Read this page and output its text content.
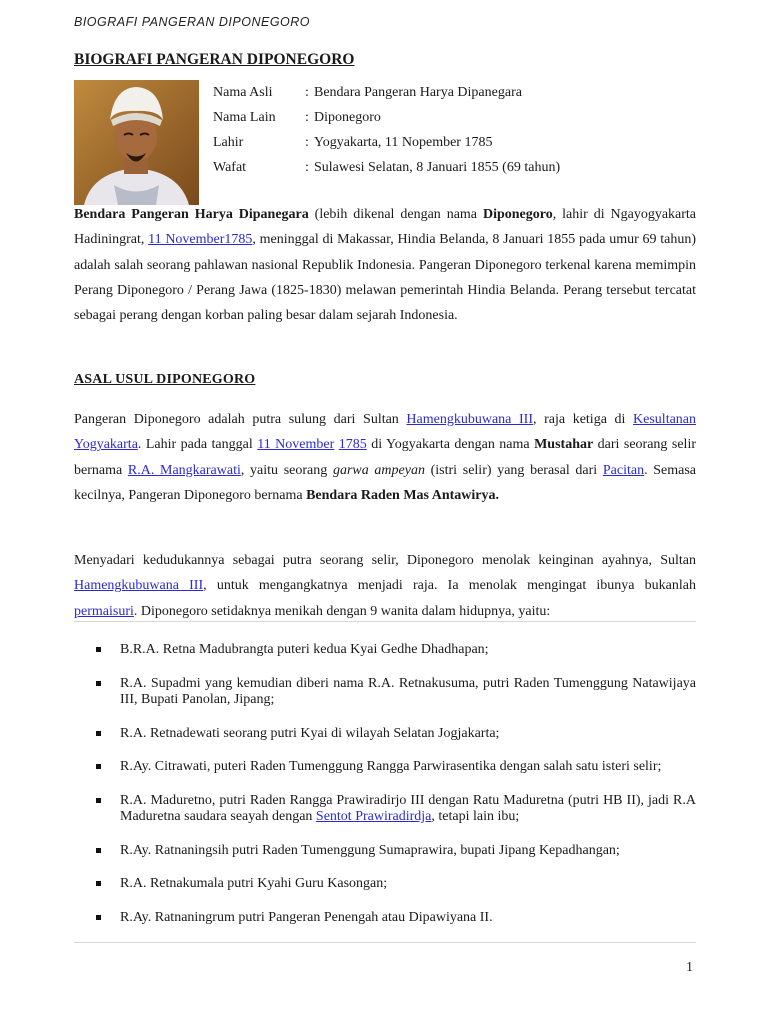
BIOGRAFI PANGERAN DIPONEGORO
BIOGRAFI PANGERAN DIPONEGORO
Nama Asli	:	Bendara Pangeran Harya Dipanegara
Nama Lain	:	Diponegoro
Lahir	:	Yogyakarta, 11 Nopember 1785
Wafat	:	Sulawesi Selatan, 8 Januari 1855 (69 tahun)

Bendara Pangeran Harya Dipanegara (lebih dikenal dengan nama Diponegoro, lahir di Ngayogyakarta Hadiningrat, 11 November1785, meninggal di Makassar, Hindia Belanda, 8 Januari 1855 pada umur 69 tahun) adalah salah seorang pahlawan nasional Republik Indonesia. Pangeran Diponegoro terkenal karena memimpin Perang Diponegoro / Perang Jawa (1825-1830) melawan pemerintah Hindia Belanda. Perang tersebut tercatat sebagai perang dengan korban paling besar dalam sejarah Indonesia.

ASAL USUL DIPONEGORO

Pangeran Diponegoro adalah putra sulung dari Sultan Hamengkubuwana III, raja ketiga di Kesultanan Yogyakarta. Lahir pada tanggal 11 November 1785 di Yogyakarta dengan nama Mustahar dari seorang selir bernama R.A. Mangkarawati, yaitu seorang garwa ampeyan (istri selir) yang berasal dari Pacitan. Semasa kecilnya, Pangeran Diponegoro bernama Bendara Raden Mas Antawirya.

Menyadari kedudukannya sebagai putra seorang selir, Diponegoro menolak keinginan ayahnya, Sultan Hamengkubuwana III, untuk mengangkatnya menjadi raja. Ia menolak mengingat ibunya bukanlah permaisuri. Diponegoro setidaknya menikah dengan 9 wanita dalam hidupnya, yaitu:

B.R.A. Retna Madubrangta puteri kedua Kyai Gedhe Dhadhapan;
R.A. Supadmi yang kemudian diberi nama R.A. Retnakusuma, putri Raden Tumenggung Natawijaya III, Bupati Panolan, Jipang;
R.A. Retnadewati seorang putri Kyai di wilayah Selatan Jogjakarta;
R.Ay. Citrawati, puteri Raden Tumenggung Rangga Parwirasentika dengan salah satu isteri selir;
R.A. Maduretno, putri Raden Rangga Prawiradirjo III dengan Ratu Maduretna (putri HB II), jadi R.A Maduretna saudara seayah dengan Sentot Prawiradirdja, tetapi lain ibu;
R.Ay. Ratnaningsih putri Raden Tumenggung Sumaprawira, bupati Jipang Kepadhangan;
R.A. Retnakumala putri Kyahi Guru Kasongan;
R.Ay. Ratnaningrum putri Pangeran Penengah atau Dipawiyana II.
1
